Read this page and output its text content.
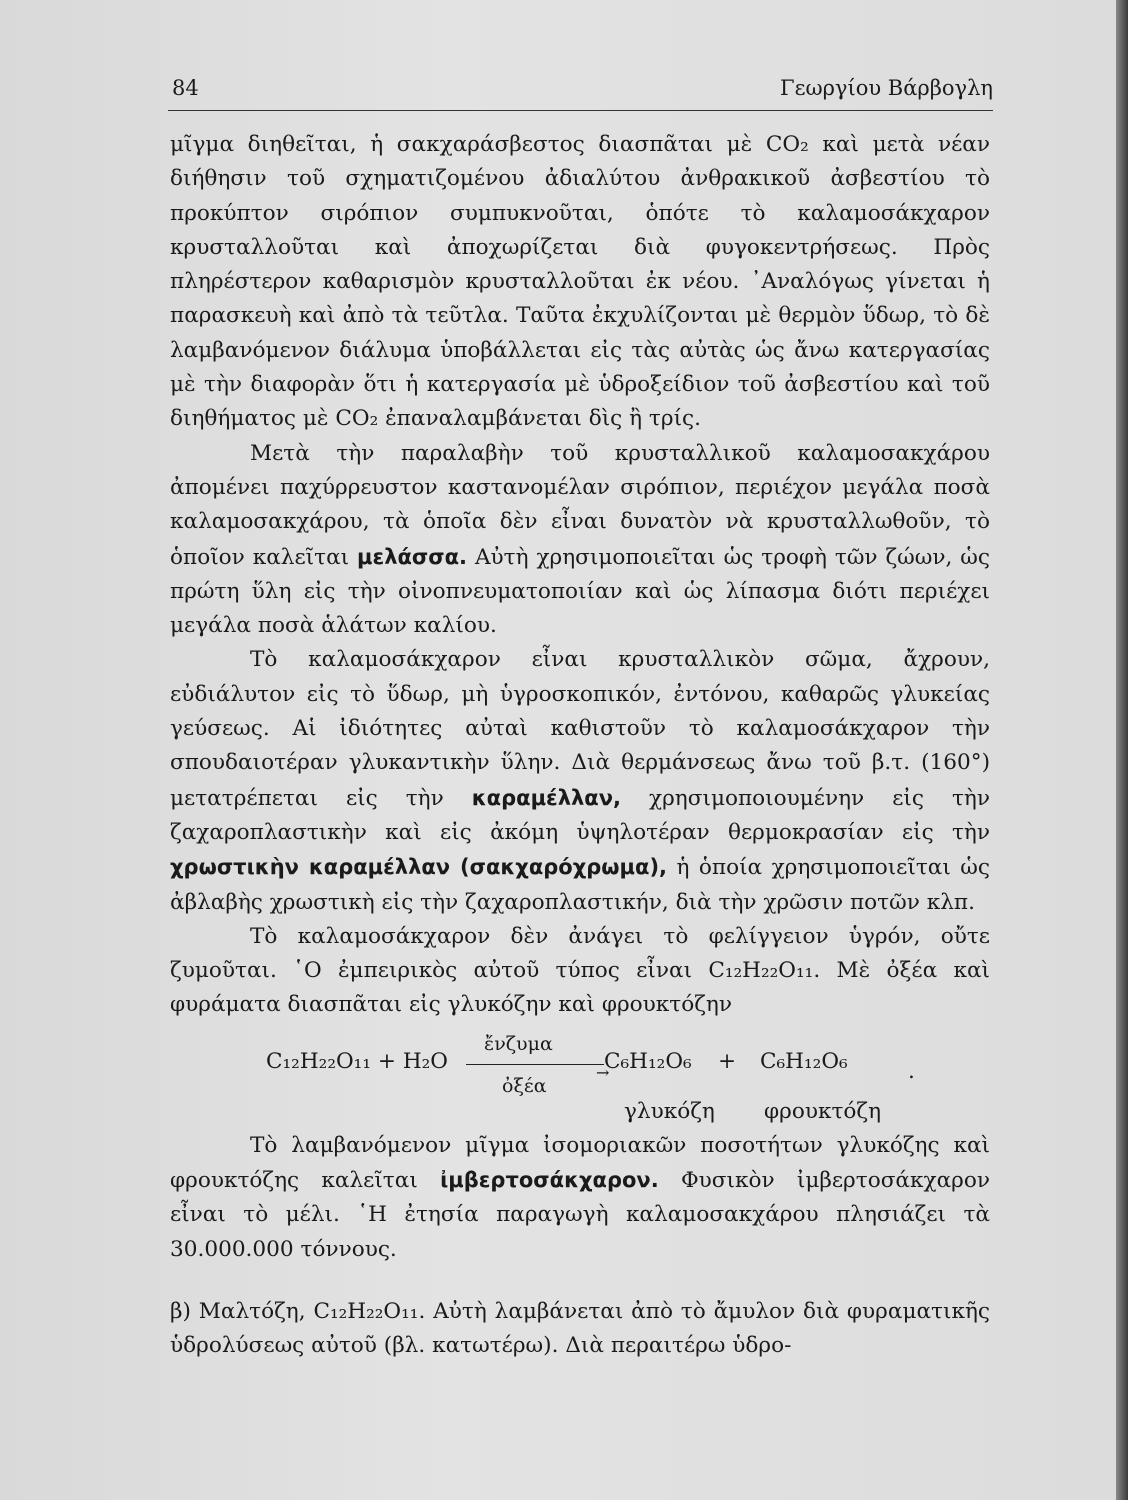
84	Γεωργίου Βάρβογλη

μῖγμα διηθεῖται, ἡ σακχαράσβεστος διασπᾶται μὲ CO₂ καὶ μετὰ νέαν διήθησιν τοῦ σχηματιζομένου ἀδιαλύτου ἀνθρακικοῦ ἀσβεστίου τὸ προκύπτον σιρόπιον συμπυκνοῦται, ὁπότε τὸ καλαμοσάκχαρον κρυσταλλοῦται καὶ ἀποχωρίζεται διὰ φυγοκεντρήσεως. Πρὸς πληρέστερον καθαρισμὸν κρυσταλλοῦται ἐκ νέου. ᾿Αναλόγως γίνεται ἡ παρασκευὴ καὶ ἀπὸ τὰ τεῦτλα. Ταῦτα ἐκχυλίζονται μὲ θερμὸν ὕδωρ, τὸ δὲ λαμβανόμενον διάλυμα ὑποβάλλεται εἰς τὰς αὐτὰς ὡς ἄνω κατεργασίας μὲ τὴν διαφορὰν ὅτι ἡ κατεργασία μὲ ὑδροξείδιον τοῦ ἀσβεστίου καὶ τοῦ διηθήματος μὲ CO₂ ἐπαναλαμβάνεται δὶς ἢ τρίς.

Μετὰ τὴν παραλαβὴν τοῦ κρυσταλλικοῦ καλαμοσακχάρου ἀπομένει παχύρρευστον καστανομέλαν σιρόπιον, περιέχον μεγάλα ποσὰ καλαμοσακχάρου, τὰ ὁποῖα δὲν εἶναι δυνατὸν νὰ κρυσταλλωθοῦν, τὸ ὁποῖον καλεῖται μελάσσα. Αὐτὴ χρησιμοποιεῖται ὡς τροφὴ τῶν ζώων, ὡς πρώτη ὕλη εἰς τὴν οἰνοπνευματοποιίαν καὶ ὡς λίπασμα διότι περιέχει μεγάλα ποσὰ ἁλάτων καλίου.

Τὸ καλαμοσάκχαρον εἶναι κρυσταλλικὸν σῶμα, ἄχρουν, εὐδιάλυτον εἰς τὸ ὕδωρ, μὴ ὑγροσκοπικόν, ἐντόνου, καθαρῶς γλυκείας γεύσεως. Αἱ ἰδιότητες αὐταὶ καθιστοῦν τὸ καλαμοσάκχαρον τὴν σπουδαιοτέραν γλυκαντικὴν ὕλην. Διὰ θερμάνσεως ἄνω τοῦ β.τ. (160°) μετατρέπεται εἰς τὴν καραμέλλαν, χρησιμοποιουμένην εἰς τὴν ζαχαροπλαστικὴν καὶ εἰς ἀκόμη ὑψηλοτέραν θερμοκρασίαν εἰς τὴν χρωστικὴν καραμέλλαν (σακχαρόχρωμα), ἡ ὁποία χρησιμοποιεῖται ὡς ἀβλαβὴς χρωστικὴ εἰς τὴν ζαχαροπλαστικήν, διὰ τὴν χρῶσιν ποτῶν κλπ.

Τὸ καλαμοσάκχαρον δὲν ἀνάγει τὸ φελίγγειον ὑγρόν, οὔτε ζυμοῦται. ῾Ο ἐμπειρικὸς αὐτοῦ τύπος εἶναι C₁₂H₂₂O₁₁. Μὲ ὀξέα καὶ φυράματα διασπᾶται εἰς γλυκόζην καὶ φρουκτόζην

C₁₂H₂₂O₁₁ + H₂O
ἔνζυμα
→
ὀξέα
C₆H₁₂O₆ + C₆H₁₂O₆	.
γλυκόζη φρουκτόζη

Τὸ λαμβανόμενον μῖγμα ἰσομοριακῶν ποσοτήτων γλυκόζης καὶ φρουκτόζης καλεῖται ἰμβερτοσάκχαρον. Φυσικὸν ἰμβερτοσάκχαρον εἶναι τὸ μέλι. ῾Η ἐτησία παραγωγὴ καλαμοσακχάρου πλησιάζει τὰ 30.000.000 τόννους.

β) Μαλτόζη, C₁₂H₂₂O₁₁. Αὐτὴ λαμβάνεται ἀπὸ τὸ ἄμυλον διὰ φυραματικῆς ὑδρολύσεως αὐτοῦ (βλ. κατωτέρω). Διὰ περαιτέρω ὑδρο-
